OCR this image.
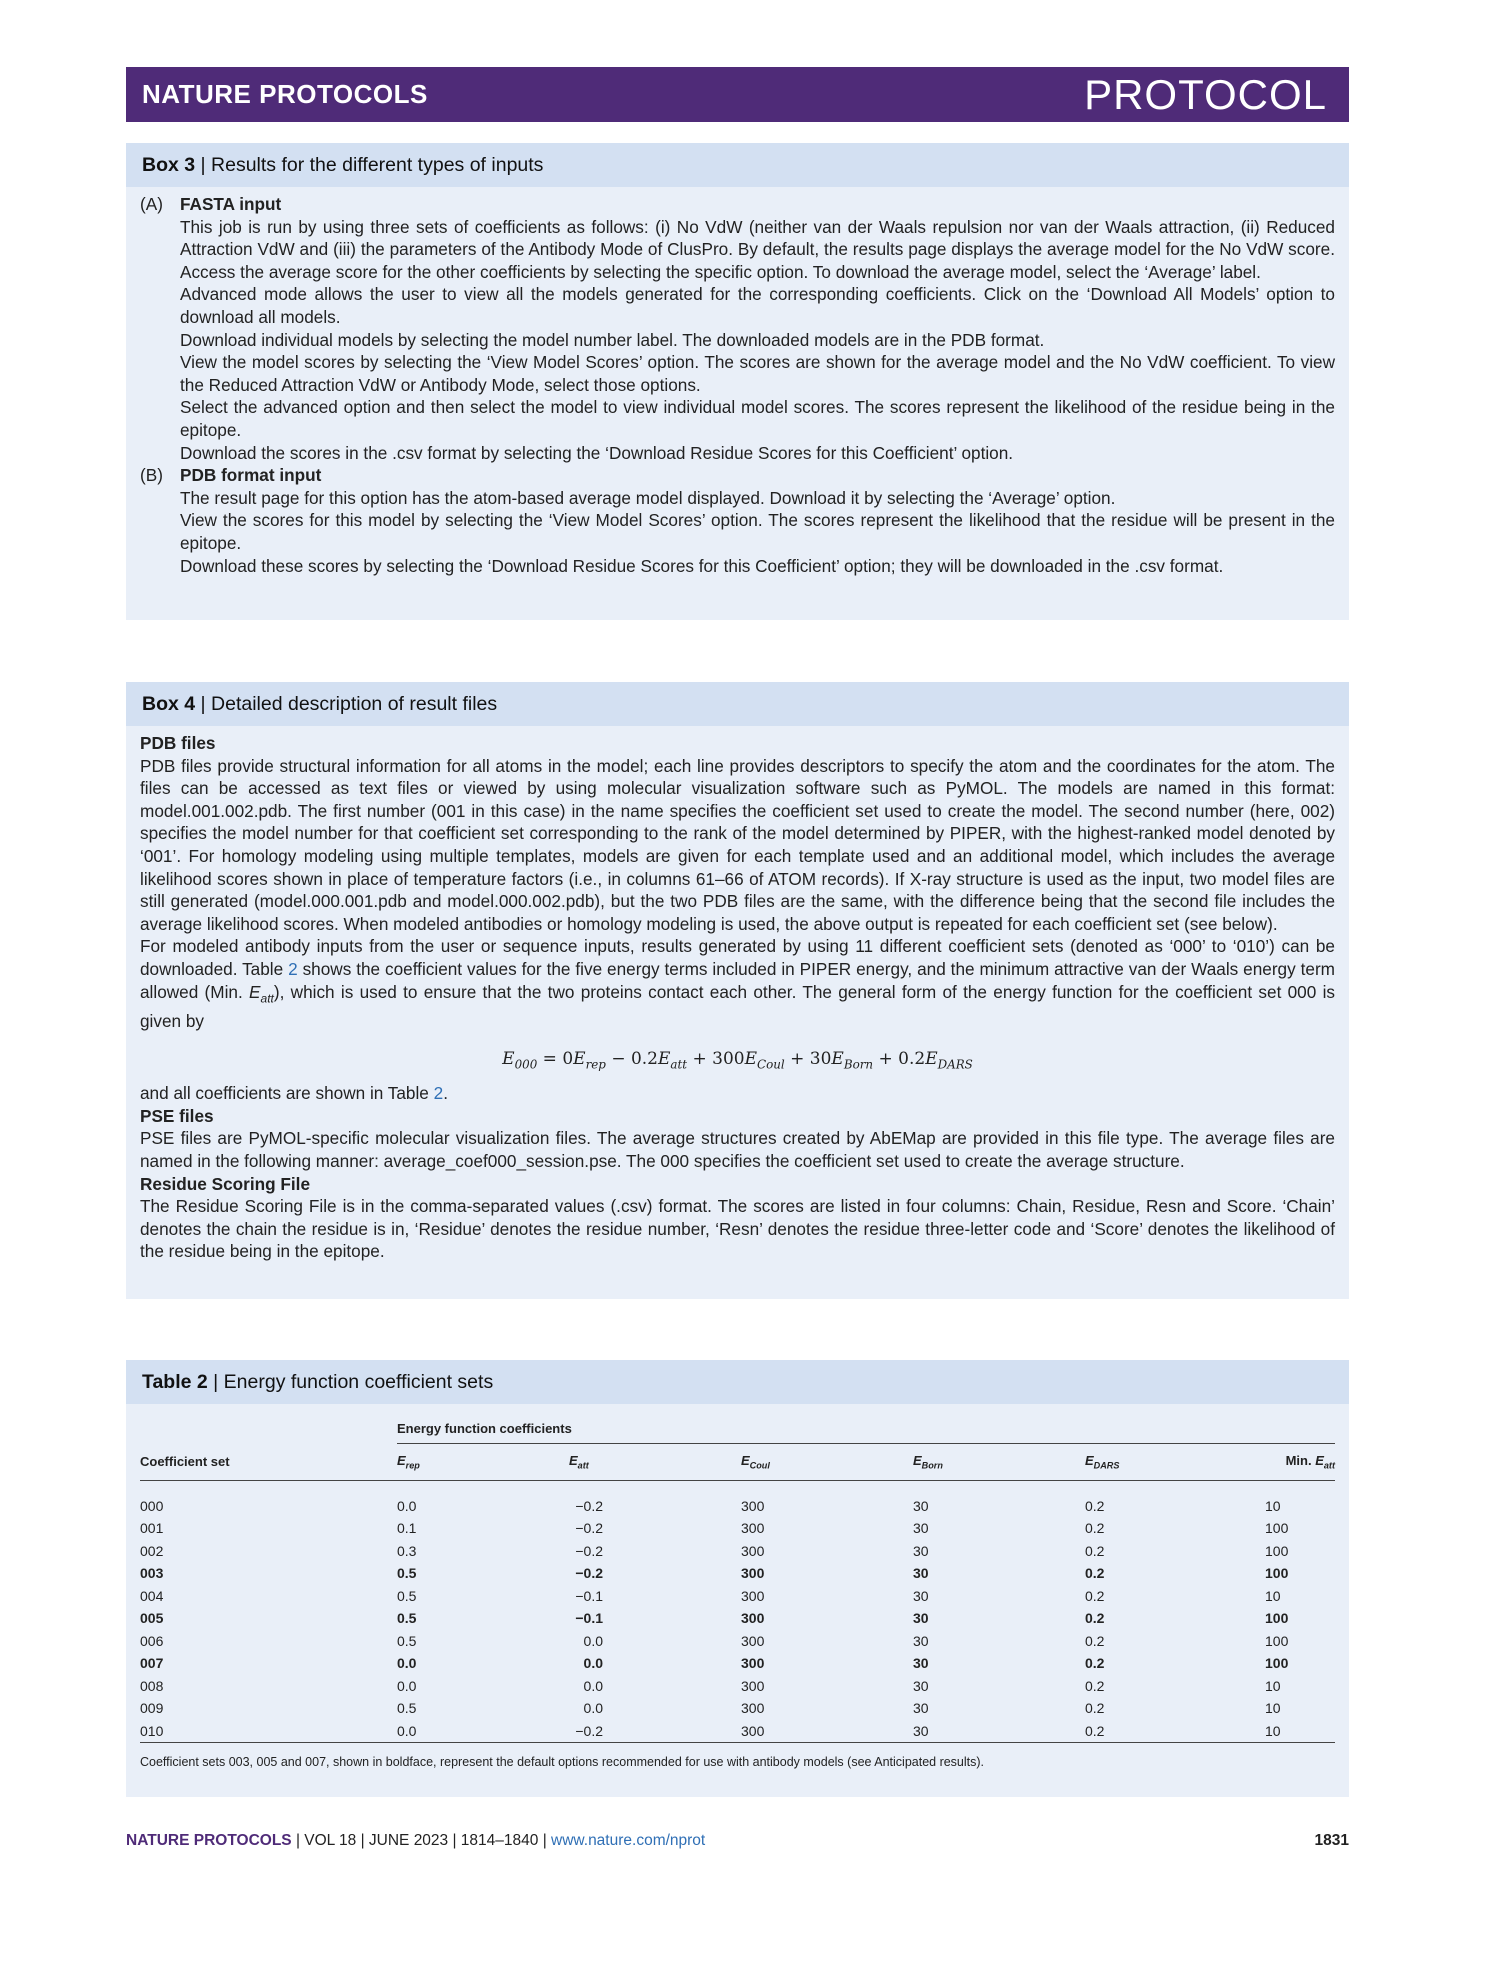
NATURE PROTOCOLS	PROTOCOL
Box 3 | Results for the different types of inputs
(A) FASTA input

This job is run by using three sets of coefficients as follows: (i) No VdW (neither van der Waals repulsion nor van der Waals attraction, (ii) Reduced Attraction VdW and (iii) the parameters of the Antibody Mode of ClusPro. By default, the results page displays the average model for the No VdW score. Access the average score for the other coefficients by selecting the specific option. To download the average model, select the ‘Average’ label.

Advanced mode allows the user to view all the models generated for the corresponding coefficients. Click on the ‘Download All Models’ option to download all models.

Download individual models by selecting the model number label. The downloaded models are in the PDB format.

View the model scores by selecting the ‘View Model Scores’ option. The scores are shown for the average model and the No VdW coefficient. To view the Reduced Attraction VdW or Antibody Mode, select those options.

Select the advanced option and then select the model to view individual model scores. The scores represent the likelihood of the residue being in the epitope.

Download the scores in the .csv format by selecting the ‘Download Residue Scores for this Coefficient’ option.

(B) PDB format input

The result page for this option has the atom-based average model displayed. Download it by selecting the ‘Average’ option.

View the scores for this model by selecting the ‘View Model Scores’ option. The scores represent the likelihood that the residue will be present in the epitope.

Download these scores by selecting the ‘Download Residue Scores for this Coefficient’ option; they will be downloaded in the .csv format.

Box 4 | Detailed description of result files

PDB files

PDB files provide structural information for all atoms in the model; each line provides descriptors to specify the atom and the coordinates for the atom. The files can be accessed as text files or viewed by using molecular visualization software such as PyMOL. The models are named in this format: model.001.002.pdb. The first number (001 in this case) in the name specifies the coefficient set used to create the model. The second number (here, 002) specifies the model number for that coefficient set corresponding to the rank of the model determined by PIPER, with the highest-ranked model denoted by ‘001’. For homology modeling using multiple templates, models are given for each template used and an additional model, which includes the average likelihood scores shown in place of temperature factors (i.e., in columns 61–66 of ATOM records). If X-ray structure is used as the input, two model files are still generated (model.000.001.pdb and model.000.002.pdb), but the two PDB files are the same, with the difference being that the second file includes the average likelihood scores. When modeled antibodies or homology modeling is used, the above output is repeated for each coefficient set (see below).

For modeled antibody inputs from the user or sequence inputs, results generated by using 11 different coefficient sets (denoted as ‘000’ to ‘010’) can be downloaded. Table 2 shows the coefficient values for the five energy terms included in PIPER energy, and the minimum attractive van der Waals energy term allowed (Min. $E_{att}$), which is used to ensure that the two proteins contact each other. The general form of the energy function for the coefficient set 000 is given by

$E_{000} = 0E_{rep} - 0.2E_{att} + 300E_{Coul} + 30E_{Born} + 0.2E_{DARS}$

and all coefficients are shown in Table 2.

PSE files

PSE files are PyMOL-specific molecular visualization files. The average structures created by AbEMap are provided in this file type. The average files are named in the following manner: average_coef000_session.pse. The 000 specifies the coefficient set used to create the average structure.

Residue Scoring File

The Residue Scoring File is in the comma-separated values (.csv) format. The scores are listed in four columns: Chain, Residue, Resn and Score. ‘Chain’ denotes the chain the residue is in, ‘Residue’ denotes the residue number, ‘Resn’ denotes the residue three-letter code and ‘Score’ denotes the likelihood of the residue being in the epitope.

Table 2 | Energy function coefficient sets
	Energy function coefficients					
Coefficient set	$E_{rep}$	$E_{att}$	$E_{Coul}$	$E_{Born}$	$E_{DARS}$	Min. $E_{att}$

000	0.0	−0.2	300	30	0.2	10
001	0.1	−0.2	300	30	0.2	100
002	0.3	−0.2	300	30	0.2	100
003	0.5	−0.2	300	30	0.2	100
004	0.5	−0.1	300	30	0.2	10
005	0.5	−0.1	300	30	0.2	100
006	0.5	0.0	300	30	0.2	100
007	0.0	0.0	300	30	0.2	100
008	0.0	0.0	300	30	0.2	10
009	0.5	0.0	300	30	0.2	10
010	0.0	−0.2	300	30	0.2	10

Coefficient sets 003, 005 and 007, shown in boldface, represent the default options recommended for use with antibody models (see Anticipated results).
NATURE PROTOCOLS | VOL 18 | JUNE 2023 | 1814–1840 | www.nature.com/nprot	1831
